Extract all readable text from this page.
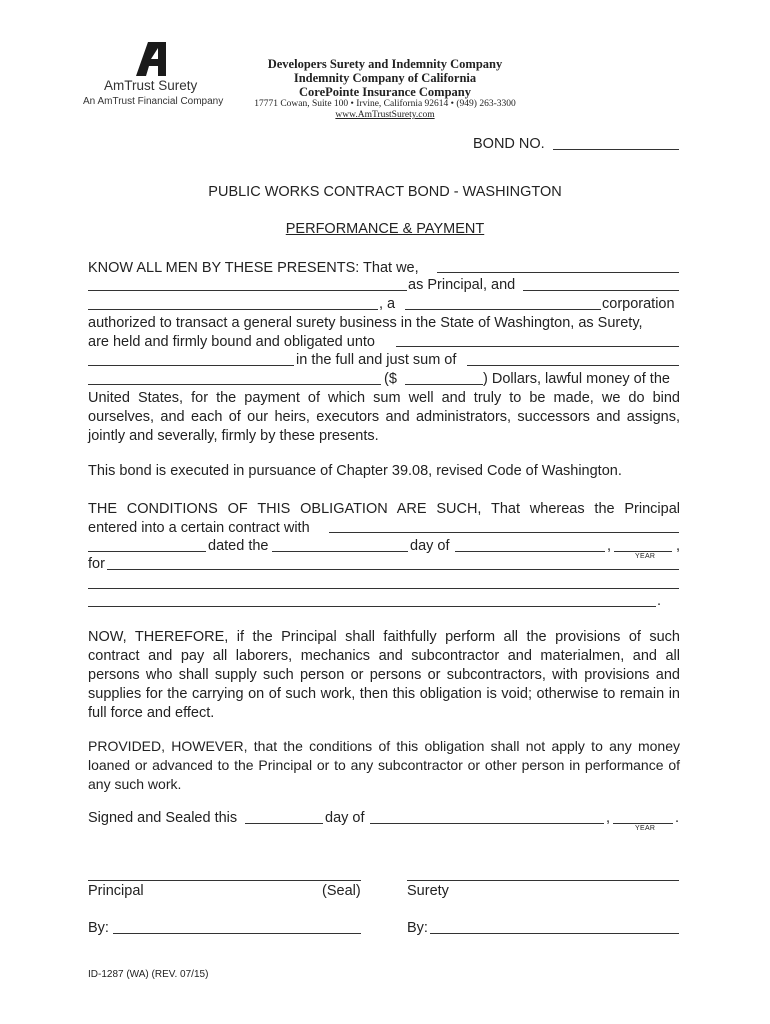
AmTrust Surety
An AmTrust Financial Company
Developers Surety and Indemnity Company
Indemnity Company of California
CorePointe Insurance Company
17771 Cowan, Suite 100 • Irvine, California 92614 • (949) 263-3300
www.AmTrustSurety.com
BOND NO.
PUBLIC WORKS CONTRACT BOND - WASHINGTON
PERFORMANCE & PAYMENT
KNOW ALL MEN BY THESE PRESENTS: That we,
as Principal, and
, a	corporation
authorized to transact a general surety business in the State of Washington, as Surety,
are held and firmly bound and obligated unto
in the full and just sum of
($	) Dollars, lawful money of the
United States, for the payment of which sum well and truly to be made, we do bind ourselves, and each of our heirs, executors and administrators, successors and assigns, jointly and severally, firmly by these presents.
This bond is executed in pursuance of Chapter 39.08, revised Code of Washington.
THE CONDITIONS OF THIS OBLIGATION ARE SUCH, That whereas the Principal
entered into a certain contract with
dated the	day of	,	,
YEAR
for
.
NOW, THEREFORE, if the Principal shall faithfully perform all the provisions of such contract and pay all laborers, mechanics and subcontractor and materialmen, and all persons who shall supply such person or persons or subcontractors, with provisions and supplies for the carrying on of such work, then this obligation is void; otherwise to remain in full force and effect.
PROVIDED, HOWEVER, that the conditions of this obligation shall not apply to any money loaned or advanced to the Principal or to any subcontractor or other person in performance of any such work.
Signed and Sealed this	day of	,	.
YEAR
Principal	(Seal)	Surety
By:	By:
ID-1287 (WA) (REV. 07/15)
